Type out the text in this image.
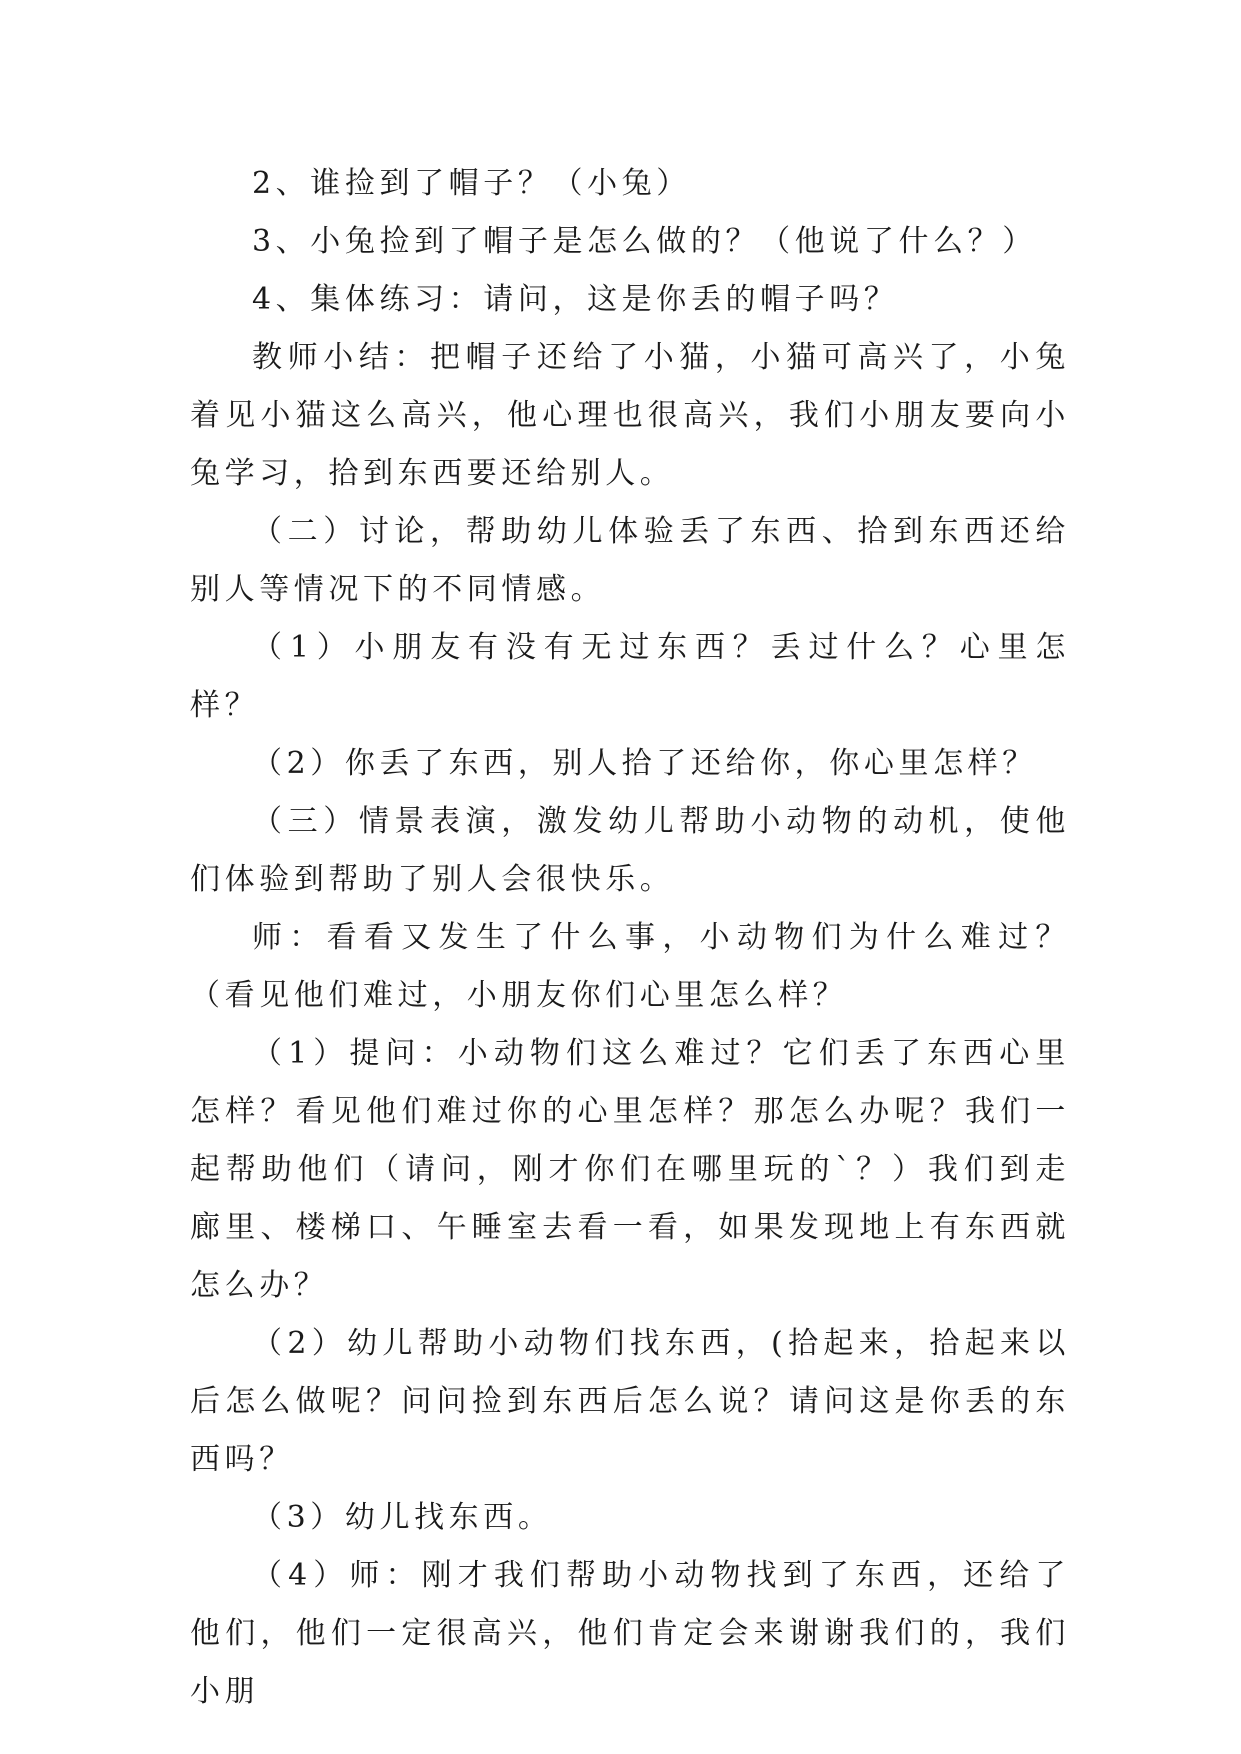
2、谁捡到了帽子？（小兔）

3、小兔捡到了帽子是怎么做的？（他说了什么？）

4、集体练习：请问，这是你丢的帽子吗？

教师小结：把帽子还给了小猫，小猫可高兴了，小兔着见小猫这么高兴，他心理也很高兴，我们小朋友要向小兔学习，拾到东西要还给别人。

（二）讨论，帮助幼儿体验丢了东西、拾到东西还给别人等情况下的不同情感。

（1）小朋友有没有无过东西？丢过什么？心里怎样？

（2）你丢了东西，别人拾了还给你，你心里怎样？

（三）情景表演，激发幼儿帮助小动物的动机，使他们体验到帮助了别人会很快乐。

师：看看又发生了什么事，小动物们为什么难过？（看见他们难过，小朋友你们心里怎么样？

（1）提问：小动物们这么难过？它们丢了东西心里怎样？看见他们难过你的心里怎样？那怎么办呢？我们一起帮助他们（请问，刚才你们在哪里玩的`？）我们到走廊里、楼梯口、午睡室去看一看，如果发现地上有东西就怎么办？

（2）幼儿帮助小动物们找东西，(拾起来，拾起来以后怎么做呢？问问捡到东西后怎么说？请问这是你丢的东西吗？

（3）幼儿找东西。

（4）师：刚才我们帮助小动物找到了东西，还给了他们，他们一定很高兴，他们肯定会来谢谢我们的，我们小朋
